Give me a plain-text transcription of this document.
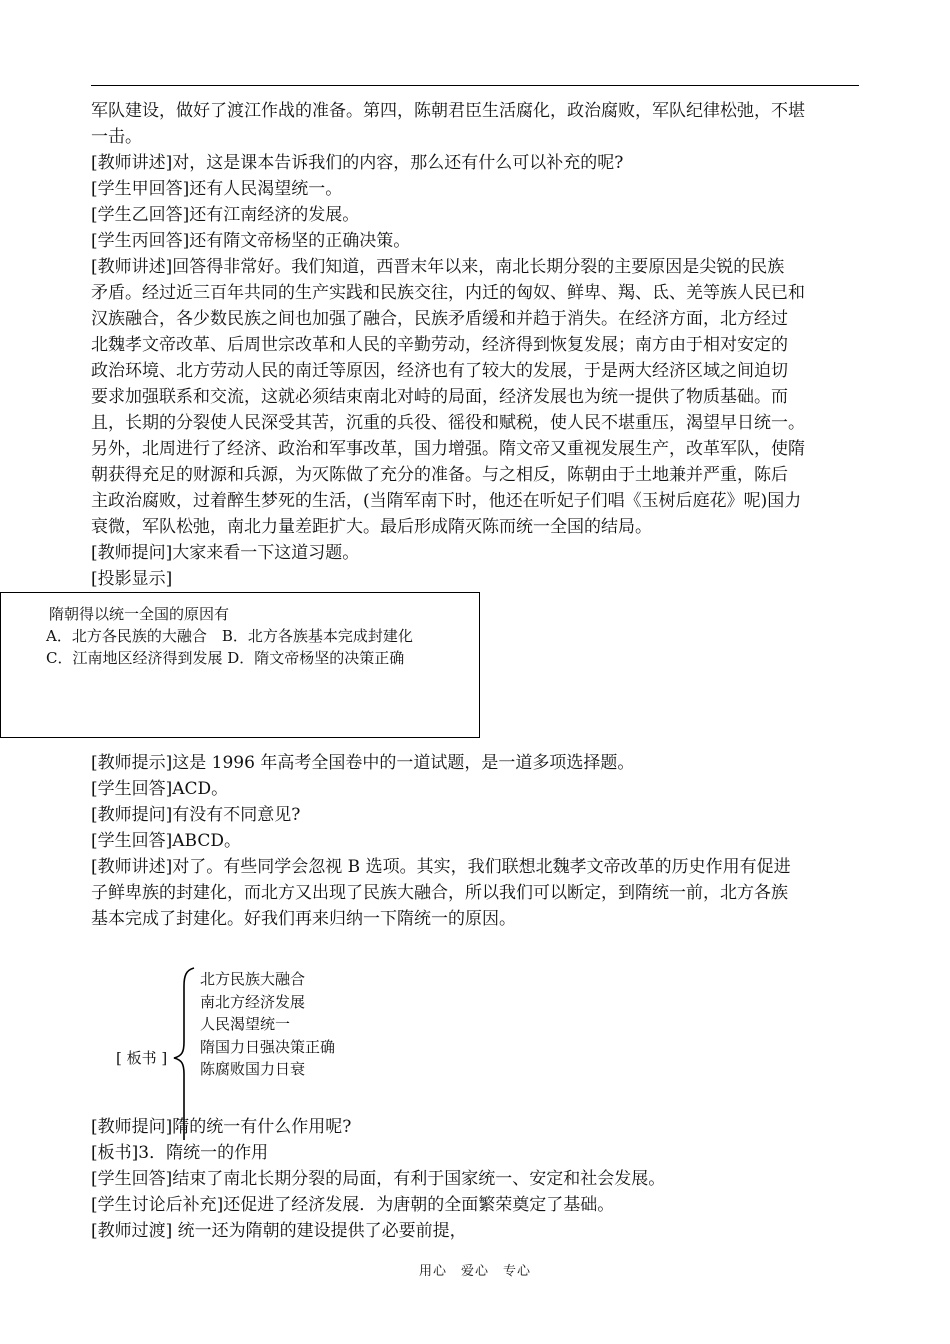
军队建设，做好了渡江作战的准备。第四，陈朝君臣生活腐化，政治腐败，军队纪律松弛，不堪
一击。
[教师讲述]对，这是课本告诉我们的内容，那么还有什么可以补充的呢?
[学生甲回答]还有人民渴望统一。
[学生乙回答]还有江南经济的发展。
[学生丙回答]还有隋文帝杨坚的正确决策。
[教师讲述]回答得非常好。我们知道，西晋末年以来，南北长期分裂的主要原因是尖锐的民族
矛盾。经过近三百年共同的生产实践和民族交往，内迁的匈奴、鲜卑、羯、氐、羌等族人民已和
汉族融合，各少数民族之间也加强了融合，民族矛盾缓和并趋于消失。在经济方面，北方经过
北魏孝文帝改革、后周世宗改革和人民的辛勤劳动，经济得到恢复发展；南方由于相对安定的
政治环境、北方劳动人民的南迁等原因，经济也有了较大的发展，于是两大经济区域之间迫切
要求加强联系和交流，这就必须结束南北对峙的局面，经济发展也为统一提供了物质基础。而
且，长期的分裂使人民深受其苦，沉重的兵役、徭役和赋税，使人民不堪重压，渴望早日统一。
另外，北周进行了经济、政治和军事改革，国力增强。隋文帝又重视发展生产，改革军队，使隋
朝获得充足的财源和兵源，为灭陈做了充分的准备。与之相反，陈朝由于土地兼并严重，陈后
主政治腐败，过着醉生梦死的生活，(当隋军南下时，他还在听妃子们唱《玉树后庭花》呢)国力
衰微，军队松弛，南北力量差距扩大。最后形成隋灭陈而统一全国的结局。
[教师提问]大家来看一下这道习题。
[投影显示]
隋朝得以统一全国的原因有
A．北方各民族的大融合　B．北方各族基本完成封建化
C．江南地区经济得到发展 D．隋文帝杨坚的决策正确
[教师提示]这是 1996 年高考全国卷中的一道试题，是一道多项选择题。
[学生回答]ACD。
[教师提问]有没有不同意见?
[学生回答]ABCD。
[教师讲述]对了。有些同学会忽视 B 选项。其实，我们联想北魏孝文帝改革的历史作用有促进
子鲜卑族的封建化，而北方又出现了民族大融合，所以我们可以断定，到隋统一前，北方各族
基本完成了封建化。好我们再来归纳一下隋统一的原因。
[ 板书 ]
北方民族大融合
南北方经济发展
人民渴望统一
隋国力日强决策正确
陈腐败国力日衰
[教师提问]隋的统一有什么作用呢?
[板书]3．隋统一的作用
[学生回答]结束了南北长期分裂的局面，有利于国家统一、安定和社会发展。
[学生讨论后补充]还促进了经济发展．为唐朝的全面繁荣奠定了基础。
[教师过渡] 统一还为隋朝的建设提供了必要前提，
用心　爱心　专心
